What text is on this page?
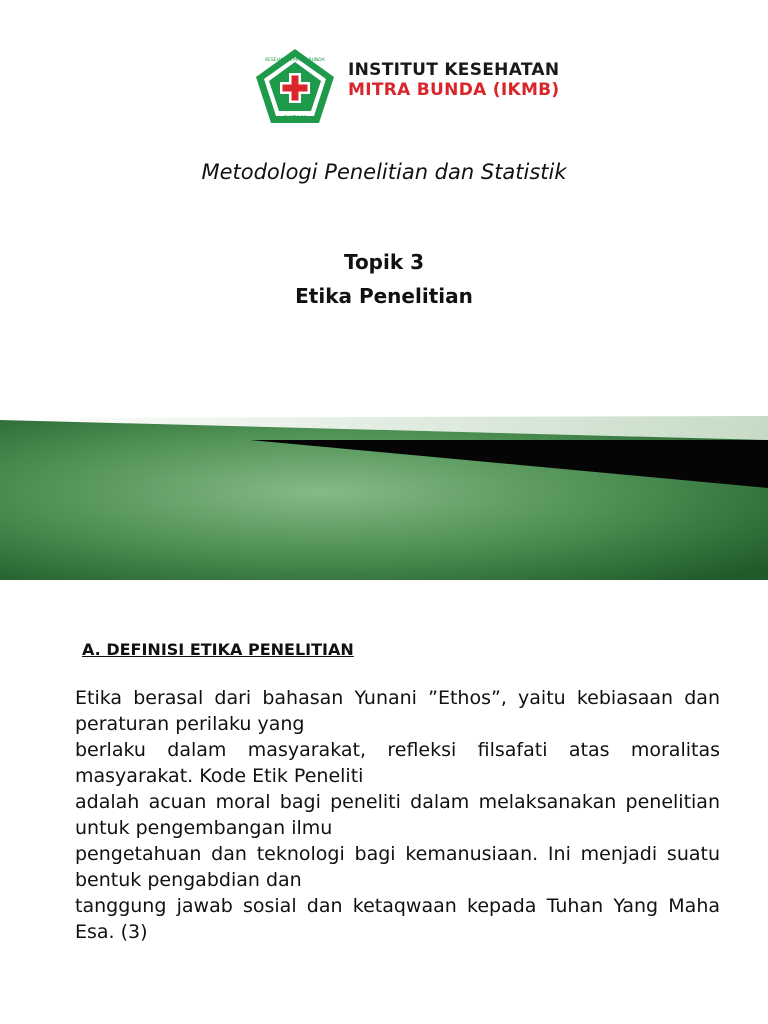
BATAM
KESEHATAN MITRA BUNDA INSTITUT KESEHATAN
MITRA BUNDA (IKMB)
Metodologi Penelitian dan Statistik
Topik 3
Etika Penelitian
A. DEFINISI ETIKA PENELITIAN

Etika berasal dari bahasan Yunani ”Ethos”, yaitu kebiasaan dan peraturan perilaku yang

berlaku dalam masyarakat, refleksi filsafati atas moralitas masyarakat. Kode Etik Peneliti

adalah acuan moral bagi peneliti dalam melaksanakan penelitian untuk pengembangan ilmu

pengetahuan dan teknologi bagi kemanusiaan. Ini menjadi suatu bentuk pengabdian dan

tanggung jawab sosial dan ketaqwaan kepada Tuhan Yang Maha Esa. (3)
